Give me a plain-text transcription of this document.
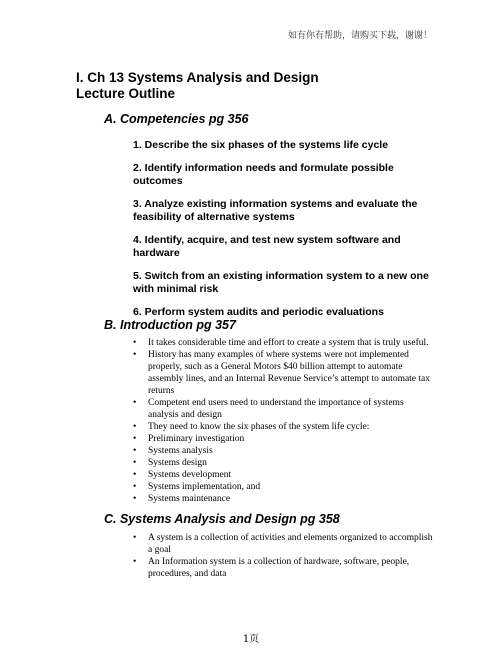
如有你有帮助，请购买下载，谢谢！
I. Ch 13 Systems Analysis and Design
Lecture Outline
A. Competencies pg 356
1. Describe the six phases of the systems life cycle
2. Identify information needs and formulate possible outcomes
3. Analyze existing information systems and evaluate the feasibility of alternative systems
4. Identify, acquire, and test new system software and hardware
5. Switch from an existing information system to a new one with minimal risk
6. Perform system audits and periodic evaluations
B. Introduction pg 357
• It takes considerable time and effort to create a system that is truly useful.
• History has many examples of where systems were not implemented properly, such as a General Motors $40 billion attempt to automate assembly lines, and an Internal Revenue Service’s attempt to automate tax returns
• Competent end users need to understand the importance of systems analysis and design
• They need to know the six phases of the system life cycle:
• Preliminary investigation
• Systems analysis
• Systems design
• Systems development
• Systems implementation, and
• Systems maintenance
C. Systems Analysis and Design pg 358
• A system is a collection of activities and elements organized to accomplish a goal
• An Information system is a collection of hardware, software, people, procedures, and data
1页
